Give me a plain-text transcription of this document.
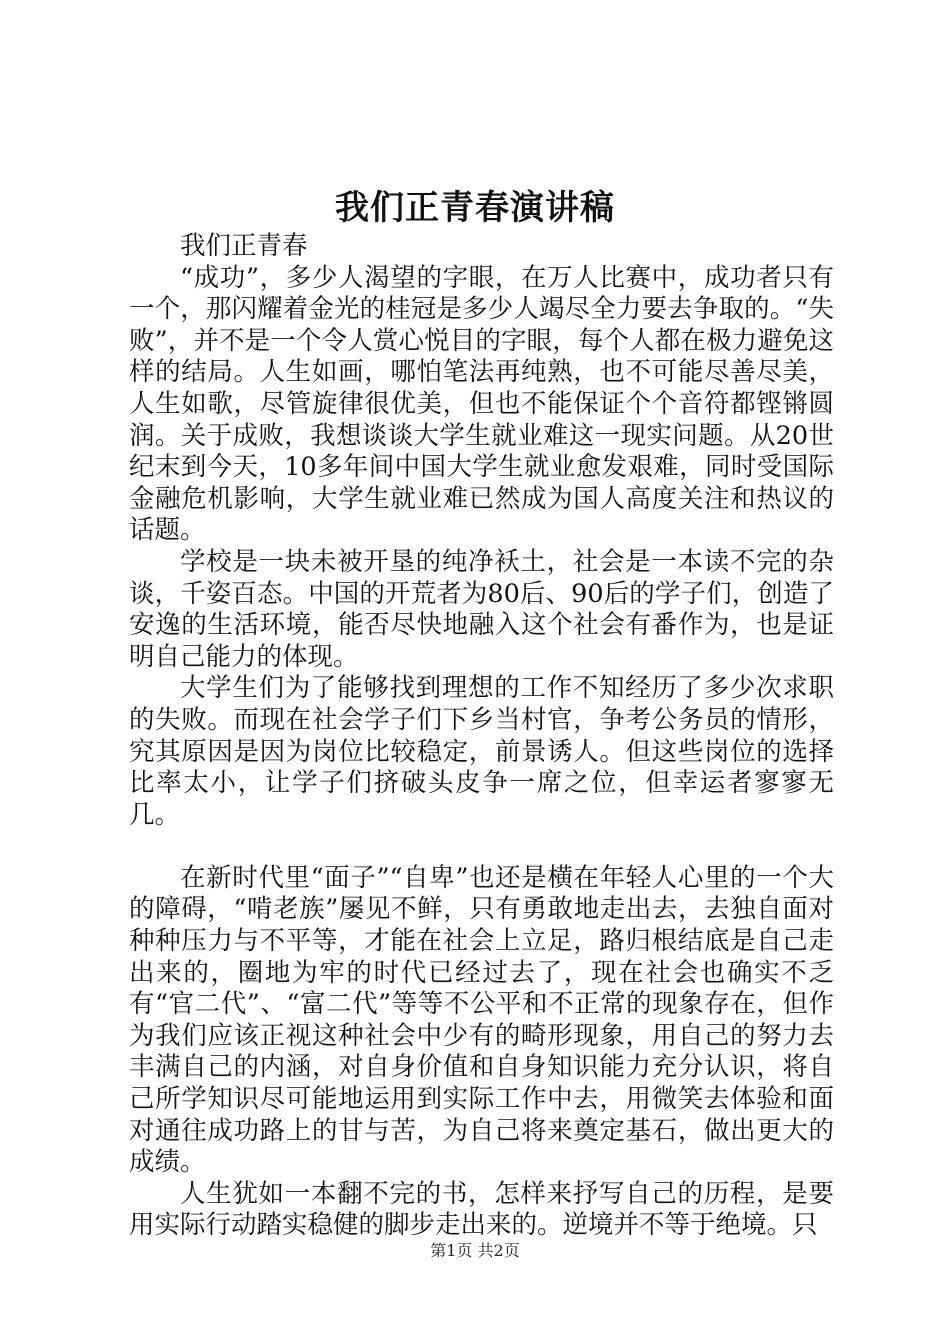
我们正青春演讲稿

我们正青春

“成功”，多少人渴望的字眼，在万人比赛中，成功者只有一个，那闪耀着金光的桂冠是多少人竭尽全力要去争取的。“失败”，并不是一个令人赏心悦目的字眼，每个人都在极力避免这样的结局。人生如画，哪怕笔法再纯熟，也不可能尽善尽美，人生如歌，尽管旋律很优美，但也不能保证个个音符都铿锵圆润。关于成败，我想谈谈大学生就业难这一现实问题。从20世纪末到今天，10多年间中国大学生就业愈发艰难，同时受国际金融危机影响，大学生就业难已然成为国人高度关注和热议的话题。

学校是一块未被开垦的纯净袄土，社会是一本读不完的杂谈，千姿百态。中国的开荒者为80后、90后的学子们，创造了安逸的生活环境，能否尽快地融入这个社会有番作为，也是证明自己能力的体现。

大学生们为了能够找到理想的工作不知经历了多少次求职的失败。而现在社会学子们下乡当村官，争考公务员的情形，究其原因是因为岗位比较稳定，前景诱人。但这些岗位的选择比率太小，让学子们挤破头皮争一席之位，但幸运者寥寥无几。

在新时代里“面子”“自卑”也还是横在年轻人心里的一个大的障碍，“啃老族”屡见不鲜，只有勇敢地走出去，去独自面对种种压力与不平等，才能在社会上立足，路归根结底是自己走出来的，圈地为牢的时代已经过去了，现在社会也确实不乏有“官二代”、“富二代”等等不公平和不正常的现象存在，但作为我们应该正视这种社会中少有的畸形现象，用自己的努力去丰满自己的内涵，对自身价值和自身知识能力充分认识，将自己所学知识尽可能地运用到实际工作中去，用微笑去体验和面对通往成功路上的甘与苦，为自己将来奠定基石，做出更大的成绩。

人生犹如一本翻不完的书，怎样来抒写自己的历程，是要用实际行动踏实稳健的脚步走出来的。逆境并不等于绝境。只

第1页 共2页
